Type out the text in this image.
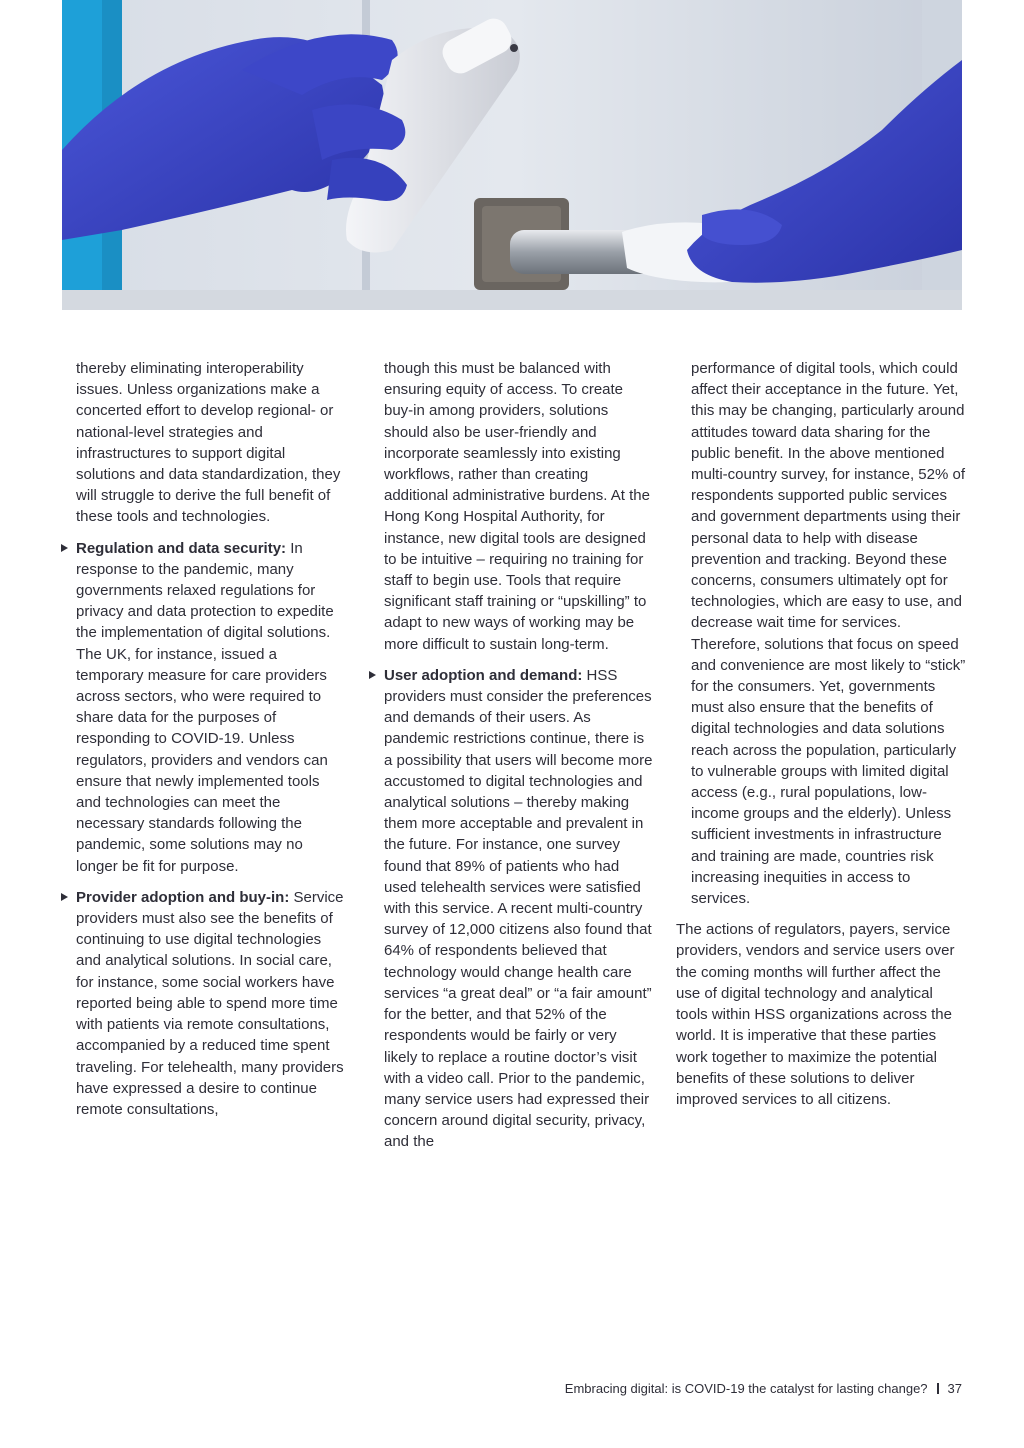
thereby eliminating interoperability issues. Unless organizations make a concerted effort to develop regional- or national-level strategies and infrastructures to support digital solutions and data standardization, they will struggle to derive the full benefit of these tools and technologies.

Regulation and data security: In response to the pandemic, many governments relaxed regulations for privacy and data protection to expedite the implementation of digital solutions. The UK, for instance, issued a temporary measure for care providers across sectors, who were required to share data for the purposes of responding to COVID-19. Unless regulators, providers and vendors can ensure that newly implemented tools and technologies can meet the necessary standards following the pandemic, some solutions may no longer be fit for purpose.

Provider adoption and buy-in: Service providers must also see the benefits of continuing to use digital technologies and analytical solutions. In social care, for instance, some social workers have reported being able to spend more time with patients via remote consultations, accompanied by a reduced time spent traveling. For telehealth, many providers have expressed a desire to continue remote consultations,

though this must be balanced with ensuring equity of access. To create buy-in among providers, solutions should also be user-friendly and incorporate seamlessly into existing workflows, rather than creating additional administrative burdens. At the Hong Kong Hospital Authority, for instance, new digital tools are designed to be intuitive – requiring no training for staff to begin use. Tools that require significant staff training or “upskilling” to adapt to new ways of working may be more difficult to sustain long-term.

User adoption and demand: HSS providers must consider the preferences and demands of their users. As pandemic restrictions continue, there is a possibility that users will become more accustomed to digital technologies and analytical solutions – thereby making them more acceptable and prevalent in the future. For instance, one survey found that 89% of patients who had used telehealth services were satisfied with this service. A recent multi-country survey of 12,000 citizens also found that 64% of respondents believed that technology would change health care services “a great deal” or “a fair amount” for the better, and that 52% of the respondents would be fairly or very likely to replace a routine doctor’s visit with a video call. Prior to the pandemic, many service users had expressed their concern around digital security, privacy, and the

performance of digital tools, which could affect their acceptance in the future. Yet, this may be changing, particularly around attitudes toward data sharing for the public benefit. In the above mentioned multi-country survey, for instance, 52% of respondents supported public services and government departments using their personal data to help with disease prevention and tracking. Beyond these concerns, consumers ultimately opt for technologies, which are easy to use, and decrease wait time for services. Therefore, solutions that focus on speed and convenience are most likely to “stick” for the consumers. Yet, governments must also ensure that the benefits of digital technologies and data solutions reach across the population, particularly to vulnerable groups with limited digital access (e.g., rural populations, low-income groups and the elderly). Unless sufficient investments in infrastructure and training are made, countries risk increasing inequities in access to services.

The actions of regulators, payers, service providers, vendors and service users over the coming months will further affect the use of digital technology and analytical tools within HSS organizations across the world. It is imperative that these parties work together to maximize the potential benefits of these solutions to deliver improved services to all citizens.

Embracing digital: is COVID-19 the catalyst for lasting change? 37
